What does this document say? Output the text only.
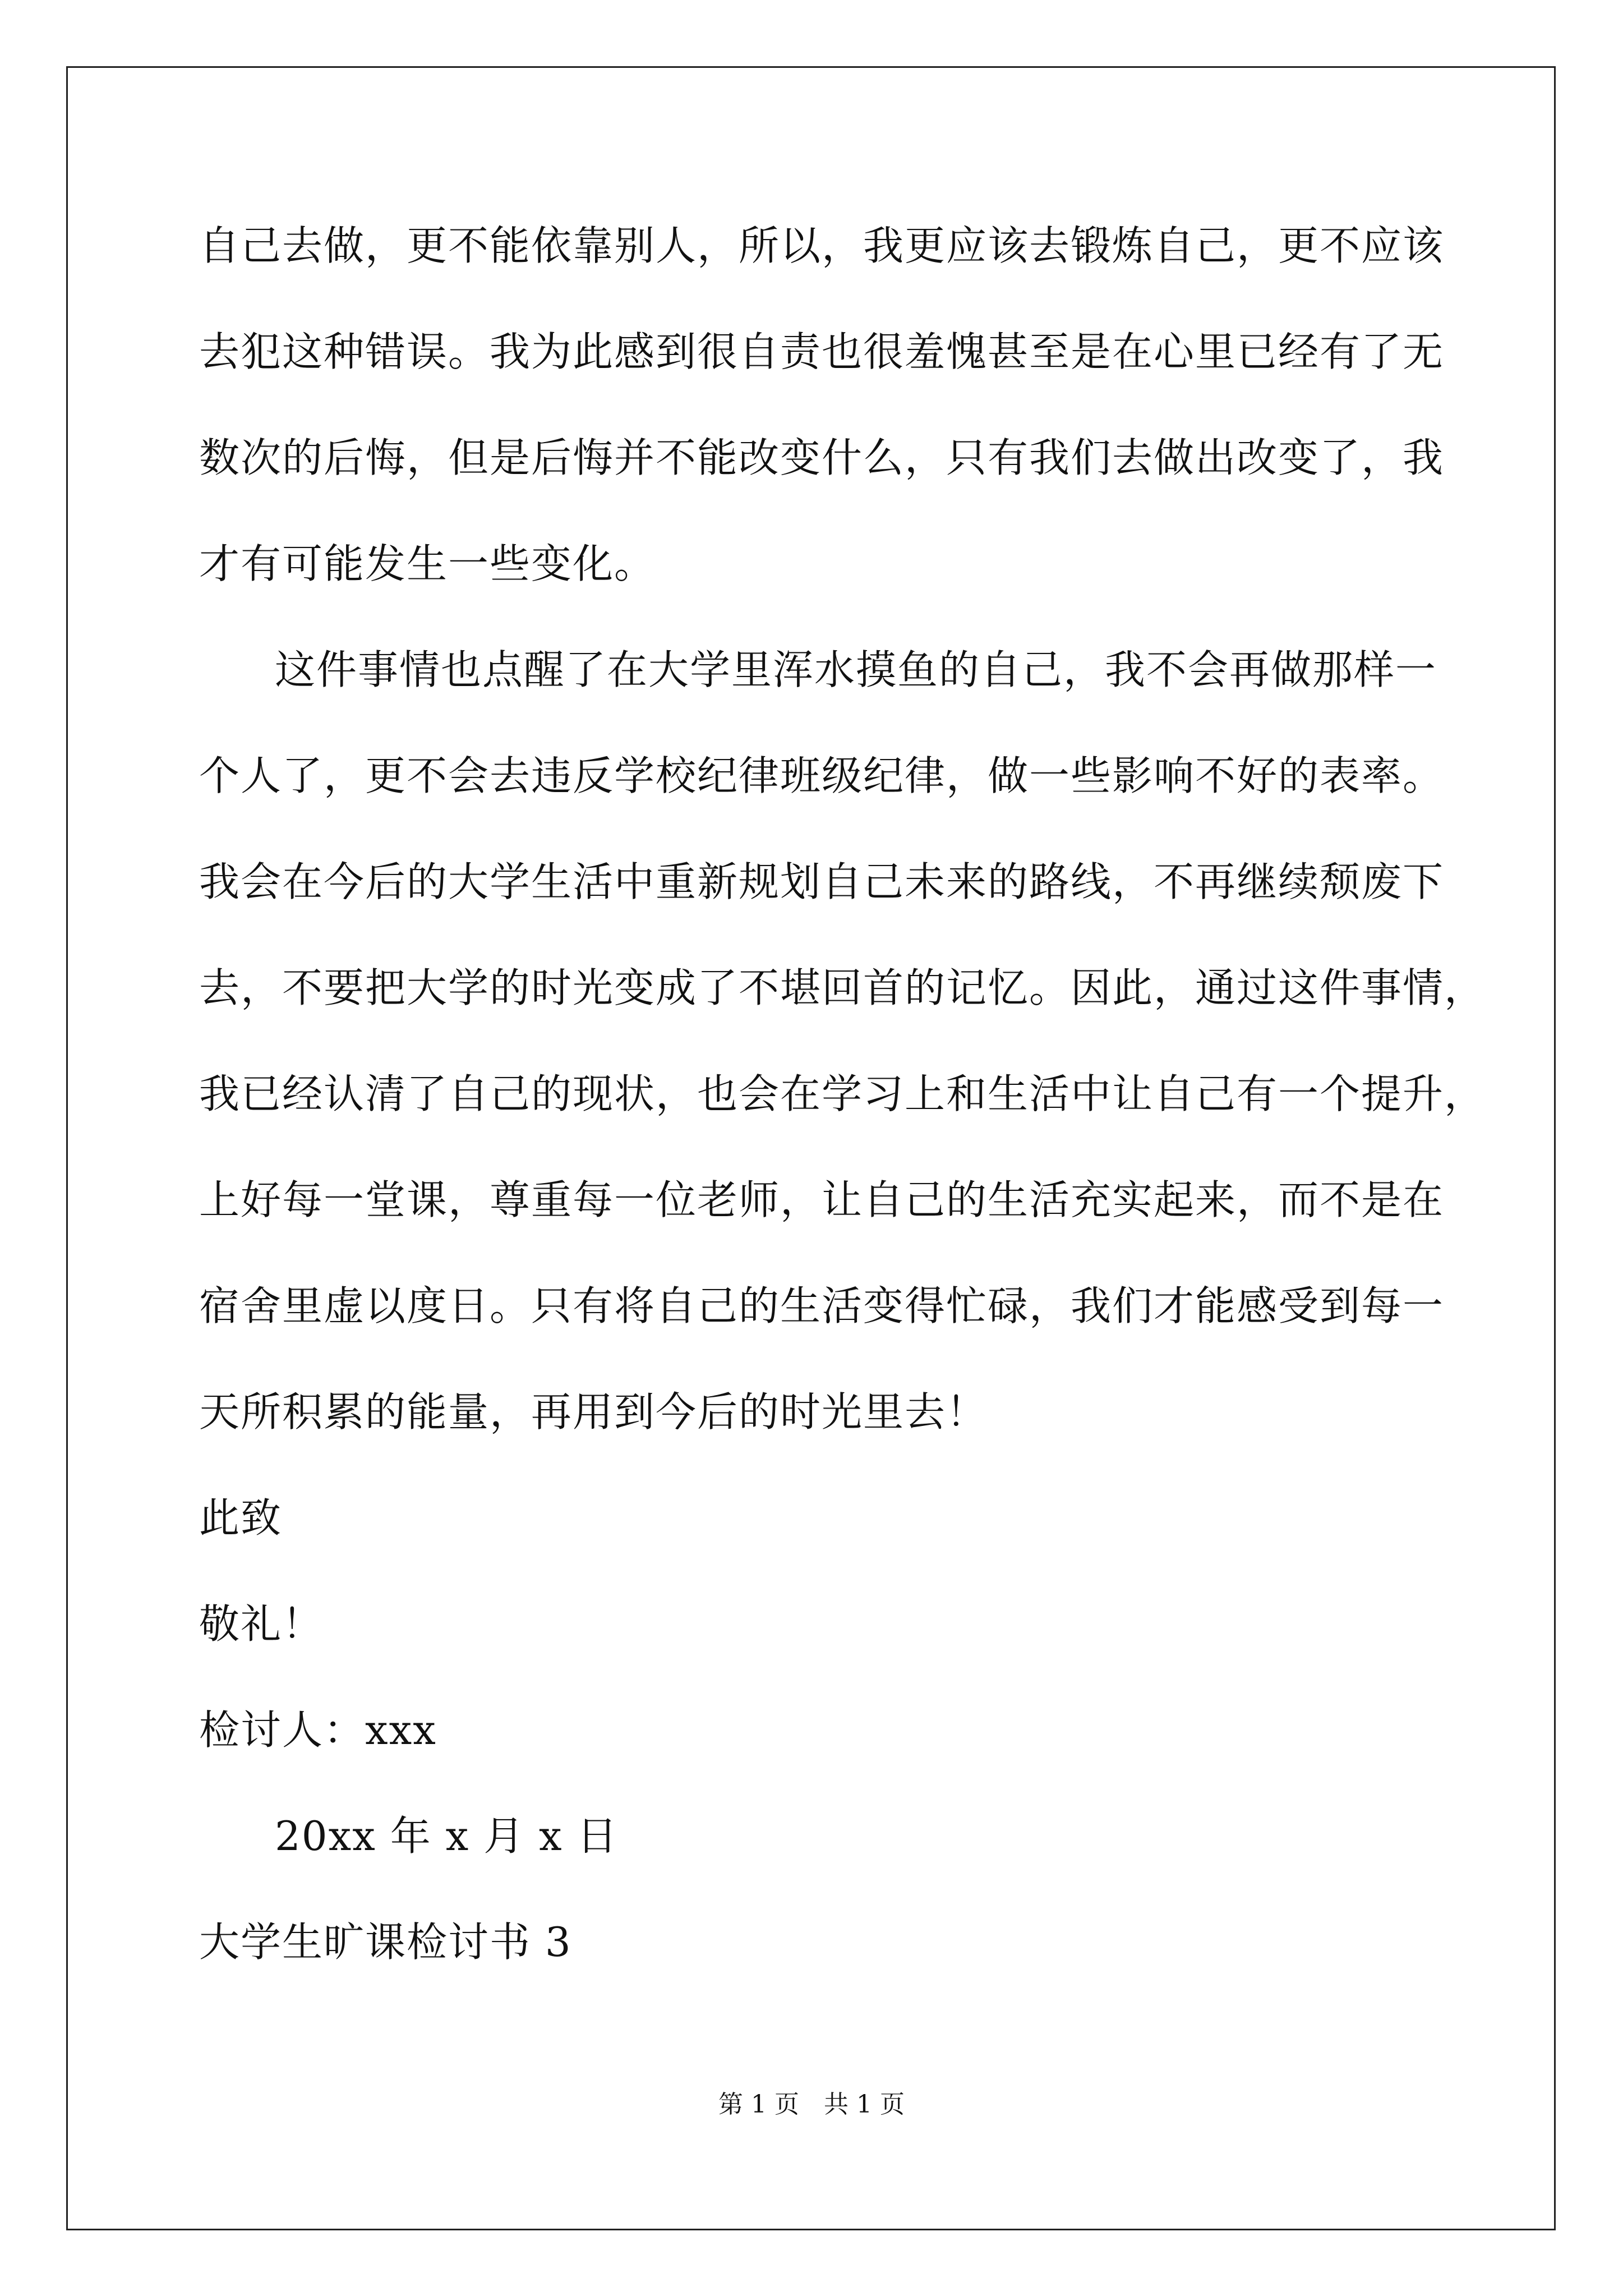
自己去做，更不能依靠别人，所以，我更应该去锻炼自己，更不应该
去犯这种错误。我为此感到很自责也很羞愧甚至是在心里已经有了无
数次的后悔，但是后悔并不能改变什么，只有我们去做出改变了，我
才有可能发生一些变化。
这件事情也点醒了在大学里浑水摸鱼的自己，我不会再做那样一
个人了，更不会去违反学校纪律班级纪律，做一些影响不好的表率。
我会在今后的大学生活中重新规划自己未来的路线，不再继续颓废下
去，不要把大学的时光变成了不堪回首的记忆。因此，通过这件事情，
我已经认清了自己的现状，也会在学习上和生活中让自己有一个提升，
上好每一堂课，尊重每一位老师，让自己的生活充实起来，而不是在
宿舍里虚以度日。只有将自己的生活变得忙碌，我们才能感受到每一
天所积累的能量，再用到今后的时光里去！
此致
敬礼！
检讨人：xxx
20xx 年 x 月 x 日
大学生旷课检讨书 3
第 1 页　共 1 页
